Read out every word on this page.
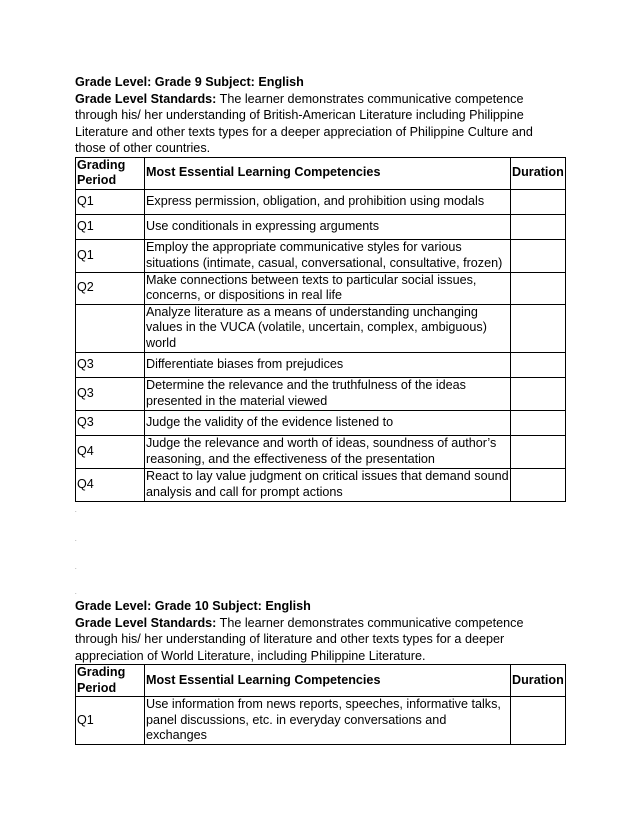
Grade Level: Grade 9 Subject: English
Grade Level Standards: The learner demonstrates communicative competence through his/ her understanding of British-American Literature including Philippine Literature and other texts types for a deeper appreciation of Philippine Culture and those of other countries.
Grading Period	Most Essential Learning Competencies	Duration
Q1	Express permission, obligation, and prohibition using modals	
Q1	Use conditionals in expressing arguments	
Q1	Employ the appropriate communicative styles for various situations (intimate, casual, conversational, consultative, frozen)	
Q2	Make connections between texts to particular social issues, concerns, or dispositions in real life	
	Analyze literature as a means of understanding unchanging values in the VUCA (volatile, uncertain, complex, ambiguous) world	
Q3	Differentiate biases from prejudices	
Q3	Determine the relevance and the truthfulness of the ideas presented in the material viewed	
Q3	Judge the validity of the evidence listened to	
Q4	Judge the relevance and worth of ideas, soundness of author’s reasoning, and the effectiveness of the presentation	
Q4	React to lay value judgment on critical issues that demand sound analysis and call for prompt actions	
.
.
.
.
Grade Level: Grade 10 Subject: English
Grade Level Standards: The learner demonstrates communicative competence through his/ her understanding of literature and other texts types for a deeper appreciation of World Literature, including Philippine Literature.
Grading Period	Most Essential Learning Competencies	Duration
Q1	Use information from news reports, speeches, informative talks, panel discussions, etc. in everyday conversations and exchanges	
